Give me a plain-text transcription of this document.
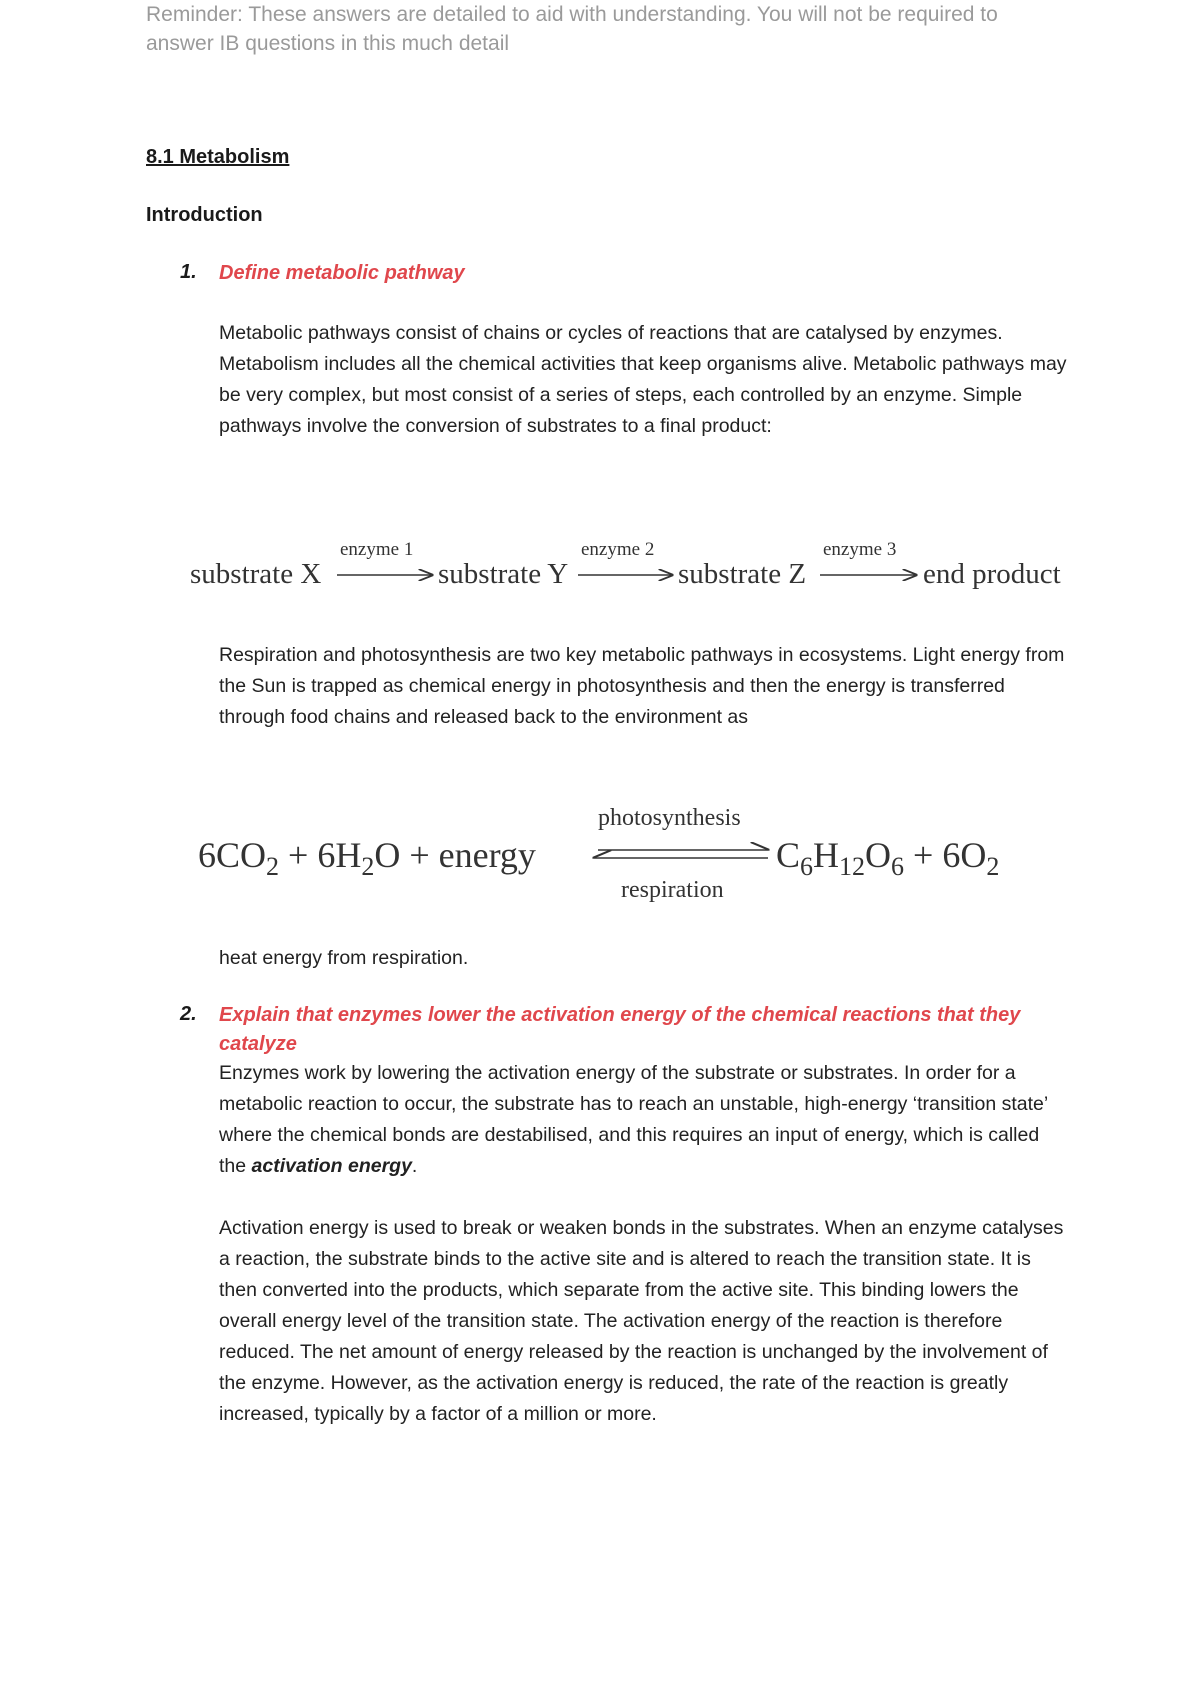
Reminder: These answers are detailed to aid with understanding. You will not be required to answer IB questions in this much detail
8.1 Metabolism
Introduction
1. Define metabolic pathway

Metabolic pathways consist of chains or cycles of reactions that are catalysed by enzymes. Metabolism includes all the chemical activities that keep organisms alive. Metabolic pathways may be very complex, but most consist of a series of steps, each controlled by an enzyme. Simple pathways involve the conversion of substrates to a final product:

substrate X
enzyme 1
substrate Y
enzyme 2
substrate Z
enzyme 3
end product

Respiration and photosynthesis are two key metabolic pathways in ecosystems. Light energy from the Sun is trapped as chemical energy in photosynthesis and then the energy is transferred through food chains and released back to the environment as

$6CO_2 + 6H_2O$ + energy
photosynthesis
respiration
$C_6H_{12}O_6 + 6O_2$

heat energy from respiration.

2. Explain that enzymes lower the activation energy of the chemical reactions that they catalyze

Enzymes work by lowering the activation energy of the substrate or substrates. In order for a metabolic reaction to occur, the substrate has to reach an unstable, high-energy ‘transition state’ where the chemical bonds are destabilised, and this requires an input of energy, which is called the activation energy.

Activation energy is used to break or weaken bonds in the substrates. When an enzyme catalyses a reaction, the substrate binds to the active site and is altered to reach the transition state. It is then converted into the products, which separate from the active site. This binding lowers the overall energy level of the transition state. The activation energy of the reaction is therefore reduced. The net amount of energy released by the reaction is unchanged by the involvement of the enzyme. However, as the activation energy is reduced, the rate of the reaction is greatly increased, typically by a factor of a million or more.
